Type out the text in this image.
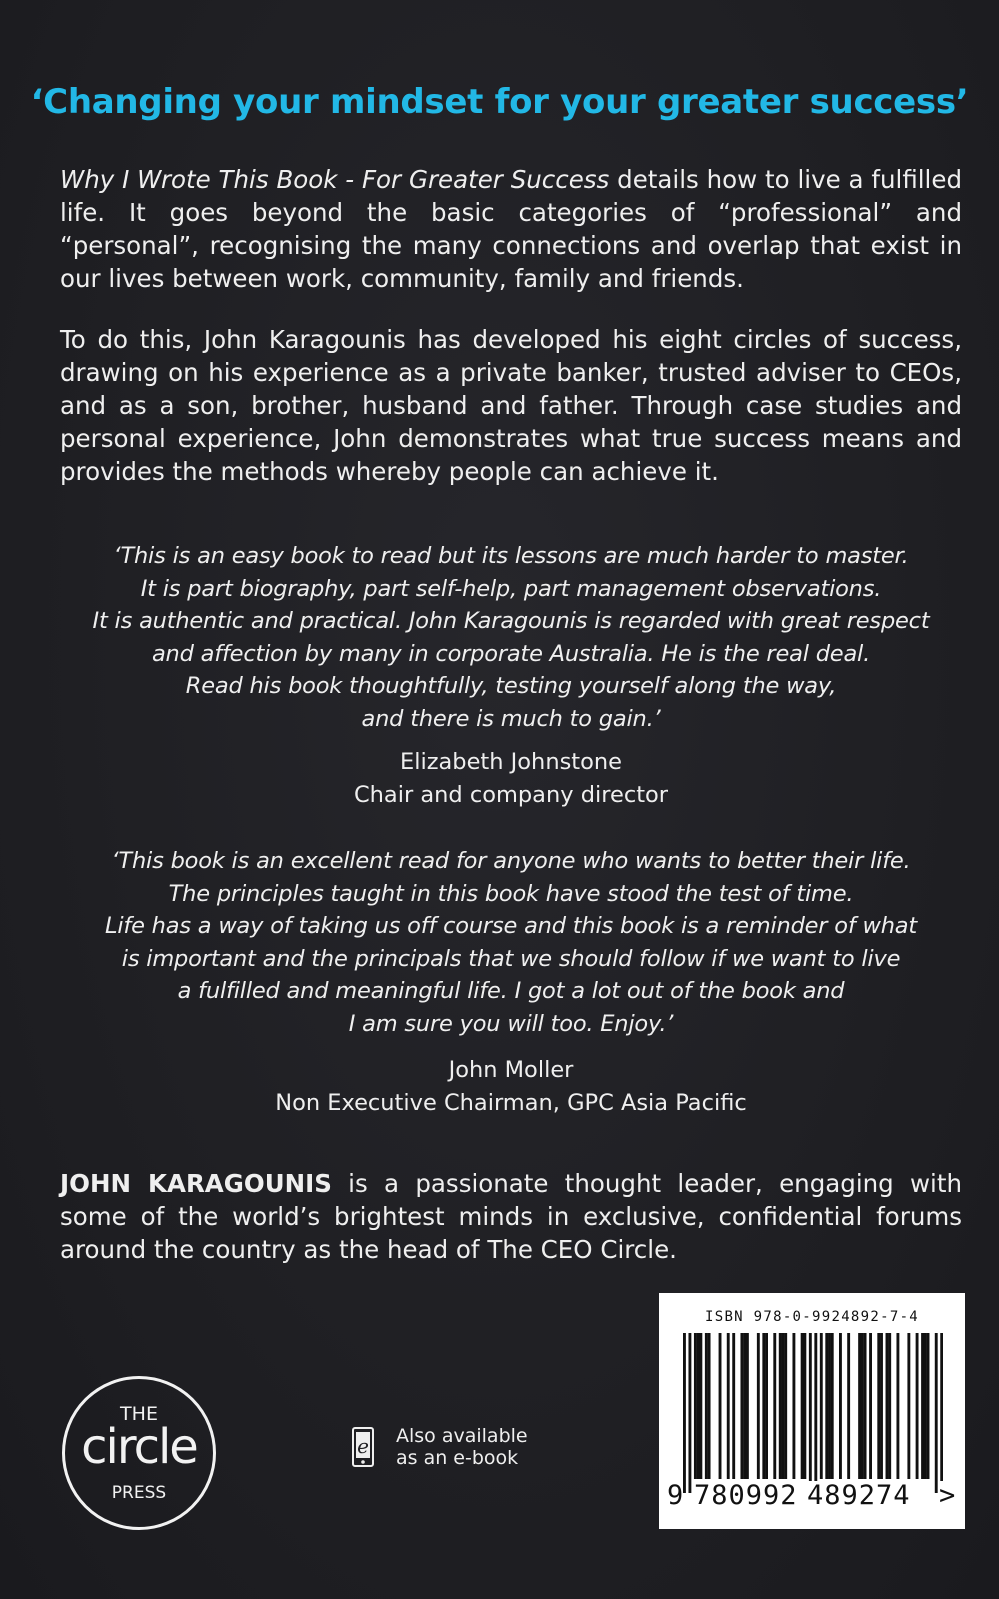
‘Changing your mindset for your greater success’
Why I Wrote This Book - For Greater Success details how to live a fulfilled life. It goes beyond the basic categories of “professional” and “personal”, recognising the many connections and overlap that exist in our lives between work, community, family and friends.
To do this, John Karagounis has developed his eight circles of success, drawing on his experience as a private banker, trusted adviser to CEOs, and as a son, brother, husband and father. Through case studies and personal experience, John demonstrates what true success means and provides the methods whereby people can achieve it.
‘This is an easy book to read but its lessons are much harder to master.
It is part biography, part self-help, part management observations.
It is authentic and practical. John Karagounis is regarded with great respect
and affection by many in corporate Australia. He is the real deal.
Read his book thoughtfully, testing yourself along the way,
and there is much to gain.’
Elizabeth Johnstone
Chair and company director
‘This book is an excellent read for anyone who wants to better their life.
The principles taught in this book have stood the test of time.
Life has a way of taking us off course and this book is a reminder of what
is important and the principals that we should follow if we want to live
a fulfilled and meaningful life. I got a lot out of the book and
I am sure you will too. Enjoy.’
John Moller
Non Executive Chairman, GPC Asia Pacific
JOHN KARAGOUNIS is a passionate thought leader, engaging with some of the world’s brightest minds in exclusive, confidential forums around the country as the head of The CEO Circle.
THE
circle
PRESS
e Also available
as an e-book
ISBN 978-0-9924892-7-4
9 780992 489274 >
